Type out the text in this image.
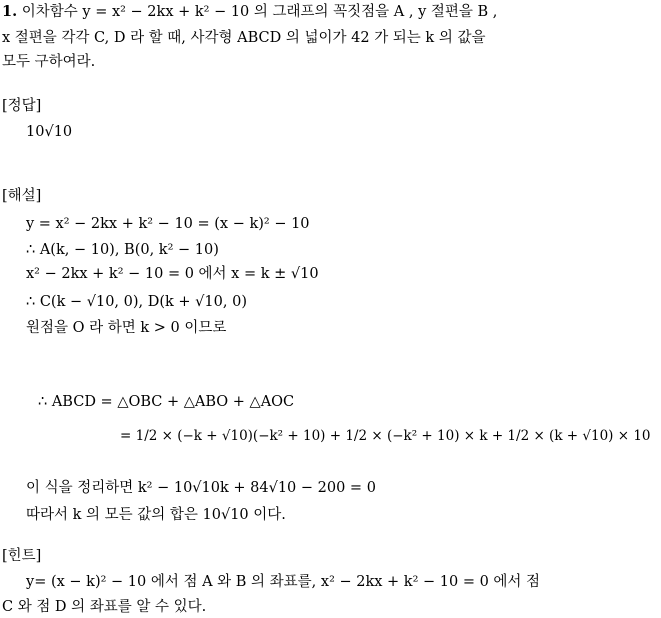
1. 이차함수 y = x² − 2kx + k² − 10 의 그래프의 꼭짓점을 A , y 절편을 B ,
x 절편을 각각 C, D 라 할 때, 사각형 ABCD 의 넓이가 42 가 되는 k 의 값을
모두 구하여라.
[정답]
10√10
[해설]
y = x² − 2kx + k² − 10 = (x − k)² − 10
∴ A(k, − 10), B(0, k² − 10)
x² − 2kx + k² − 10 = 0 에서 x = k ± √10
∴ C(k − √10, 0), D(k + √10, 0)
원점을 O 라 하면 k > 0 이므로
∴ ABCD = △OBC + △ABO + △AOC
= 1/2 × (−k + √10)(−k² + 10) + 1/2 × (−k² + 10) × k + 1/2 × (k + √10) × 10
이 식을 정리하면 k² − 10√10k + 84√10 − 200 = 0
따라서 k 의 모든 값의 합은 10√10 이다.
[힌트]
y= (x − k)² − 10 에서 점 A 와 B 의 좌표를, x² − 2kx + k² − 10 = 0 에서 점
C 와 점 D 의 좌표를 알 수 있다.
